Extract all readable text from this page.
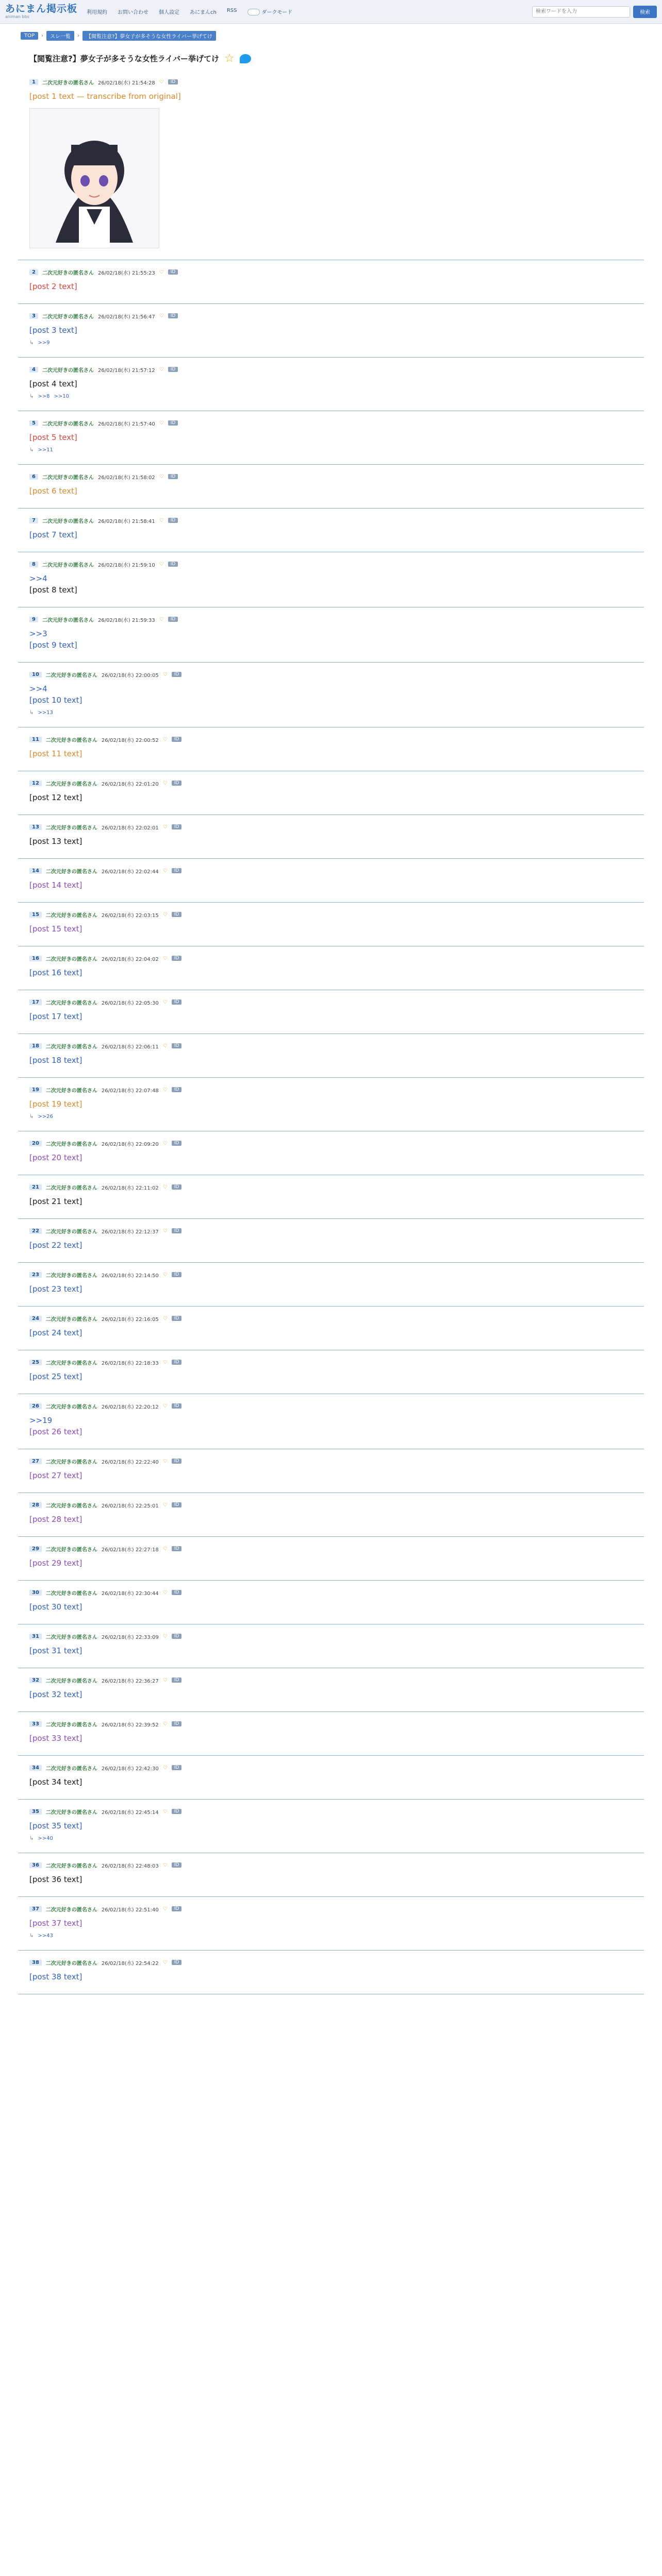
あにまん掲示板
animan bbs
利用規約 お問い合わせ 個人設定 あにまんch RSS	ダークモード
検索ワードを入力	検索
TOP	›	スレ一覧	›	【閲覧注意?】夢女子が多そうな女性ライバー挙げてけ
【閲覧注意?】夢女子が多そうな女性ライバー挙げてけ ☆
1	二次元好きの匿名さん 26/02/18(水) 21:54:28 ♡	ID
[post 1 text — transcribe from original]
2	二次元好きの匿名さん 26/02/18(水) 21:55:23 ♡	ID
[post 2 text]
3	二次元好きの匿名さん 26/02/18(水) 21:56:47 ♡	ID
[post 3 text]
↳ >>9
4	二次元好きの匿名さん 26/02/18(水) 21:57:12 ♡	ID
[post 4 text]
↳ >>8 >>10
5	二次元好きの匿名さん 26/02/18(水) 21:57:40 ♡	ID
[post 5 text]
↳ >>11
6	二次元好きの匿名さん 26/02/18(水) 21:58:02 ♡	ID
[post 6 text]
7	二次元好きの匿名さん 26/02/18(水) 21:58:41 ♡	ID
[post 7 text]
8	二次元好きの匿名さん 26/02/18(水) 21:59:10 ♡	ID
>>4
[post 8 text]
9	二次元好きの匿名さん 26/02/18(水) 21:59:33 ♡	ID
>>3
[post 9 text]
10	二次元好きの匿名さん 26/02/18(水) 22:00:05 ♡	ID
>>4
[post 10 text]
↳ >>13
11	二次元好きの匿名さん 26/02/18(水) 22:00:52 ♡	ID
[post 11 text]
12	二次元好きの匿名さん 26/02/18(水) 22:01:20 ♡	ID
[post 12 text]
13	二次元好きの匿名さん 26/02/18(水) 22:02:01 ♡	ID
[post 13 text]
14	二次元好きの匿名さん 26/02/18(水) 22:02:44 ♡	ID
[post 14 text]
15	二次元好きの匿名さん 26/02/18(水) 22:03:15 ♡	ID
[post 15 text]
16	二次元好きの匿名さん 26/02/18(水) 22:04:02 ♡	ID
[post 16 text]
17	二次元好きの匿名さん 26/02/18(水) 22:05:30 ♡	ID
[post 17 text]
18	二次元好きの匿名さん 26/02/18(水) 22:06:11 ♡	ID
[post 18 text]
19	二次元好きの匿名さん 26/02/18(水) 22:07:48 ♡	ID
[post 19 text]
↳ >>26
20	二次元好きの匿名さん 26/02/18(水) 22:09:20 ♡	ID
[post 20 text]
21	二次元好きの匿名さん 26/02/18(水) 22:11:02 ♡	ID
[post 21 text]
22	二次元好きの匿名さん 26/02/18(水) 22:12:37 ♡	ID
[post 22 text]
23	二次元好きの匿名さん 26/02/18(水) 22:14:50 ♡	ID
[post 23 text]
24	二次元好きの匿名さん 26/02/18(水) 22:16:05 ♡	ID
[post 24 text]
25	二次元好きの匿名さん 26/02/18(水) 22:18:33 ♡	ID
[post 25 text]
26	二次元好きの匿名さん 26/02/18(水) 22:20:12 ♡	ID
>>19
[post 26 text]
27	二次元好きの匿名さん 26/02/18(水) 22:22:40 ♡	ID
[post 27 text]
28	二次元好きの匿名さん 26/02/18(水) 22:25:01 ♡	ID
[post 28 text]
29	二次元好きの匿名さん 26/02/18(水) 22:27:18 ♡	ID
[post 29 text]
30	二次元好きの匿名さん 26/02/18(水) 22:30:44 ♡	ID
[post 30 text]
31	二次元好きの匿名さん 26/02/18(水) 22:33:09 ♡	ID
[post 31 text]
32	二次元好きの匿名さん 26/02/18(水) 22:36:27 ♡	ID
[post 32 text]
33	二次元好きの匿名さん 26/02/18(水) 22:39:52 ♡	ID
[post 33 text]
34	二次元好きの匿名さん 26/02/18(水) 22:42:30 ♡	ID
[post 34 text]
35	二次元好きの匿名さん 26/02/18(水) 22:45:14 ♡	ID
[post 35 text]
↳ >>40
36	二次元好きの匿名さん 26/02/18(水) 22:48:03 ♡	ID
[post 36 text]
37	二次元好きの匿名さん 26/02/18(水) 22:51:40 ♡	ID
[post 37 text]
↳ >>43
38	二次元好きの匿名さん 26/02/18(水) 22:54:22 ♡	ID
[post 38 text]
